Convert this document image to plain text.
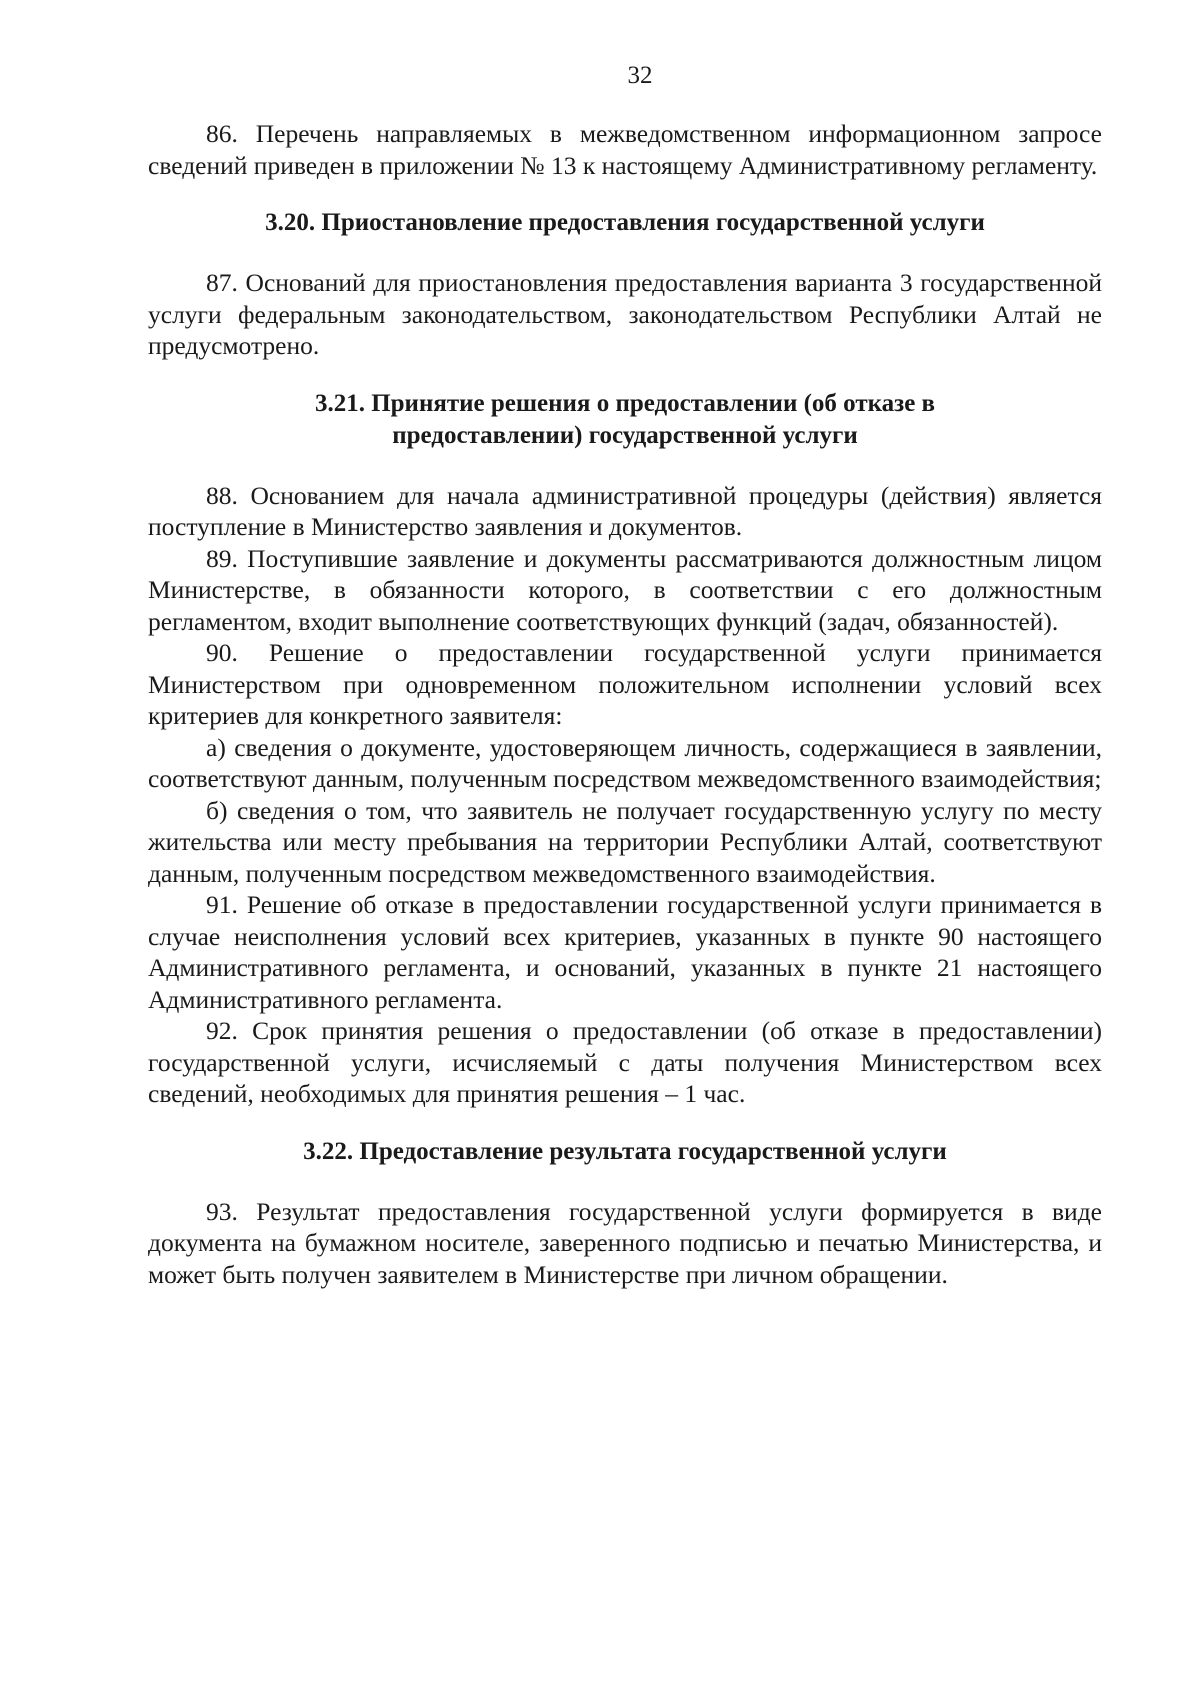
32

86. Перечень направляемых в межведомственном информационном запросе сведений приведен в приложении № 13 к настоящему Административному регламенту.

3.20. Приостановление предоставления государственной услуги

87. Оснований для приостановления предоставления варианта 3 государственной услуги федеральным законодательством, законодательством Республики Алтай не предусмотрено.

3.21. Принятие решения о предоставлении (об отказе в
предоставлении) государственной услуги

88. Основанием для начала административной процедуры (действия) является поступление в Министерство заявления и документов.

89. Поступившие заявление и документы рассматриваются должностным лицом Министерстве, в обязанности которого, в соответствии с его должностным регламентом, входит выполнение соответствующих функций (задач, обязанностей).

90. Решение о предоставлении государственной услуги принимается Министерством при одновременном положительном исполнении условий всех критериев для конкретного заявителя:

а) сведения о документе, удостоверяющем личность, содержащиеся в заявлении, соответствуют данным, полученным посредством межведомственного взаимодействия;

б) сведения о том, что заявитель не получает государственную услугу по месту жительства или месту пребывания на территории Республики Алтай, соответствуют данным, полученным посредством межведомственного взаимодействия.

91. Решение об отказе в предоставлении государственной услуги принимается в случае неисполнения условий всех критериев, указанных в пункте 90 настоящего Административного регламента, и оснований, указанных в пункте 21 настоящего Административного регламента.

92. Срок принятия решения о предоставлении (об отказе в предоставлении) государственной услуги, исчисляемый с даты получения Министерством всех сведений, необходимых для принятия решения – 1 час.

3.22. Предоставление результата государственной услуги

93. Результат предоставления государственной услуги формируется в виде документа на бумажном носителе, заверенного подписью и печатью Министерства, и может быть получен заявителем в Министерстве при личном обращении.
